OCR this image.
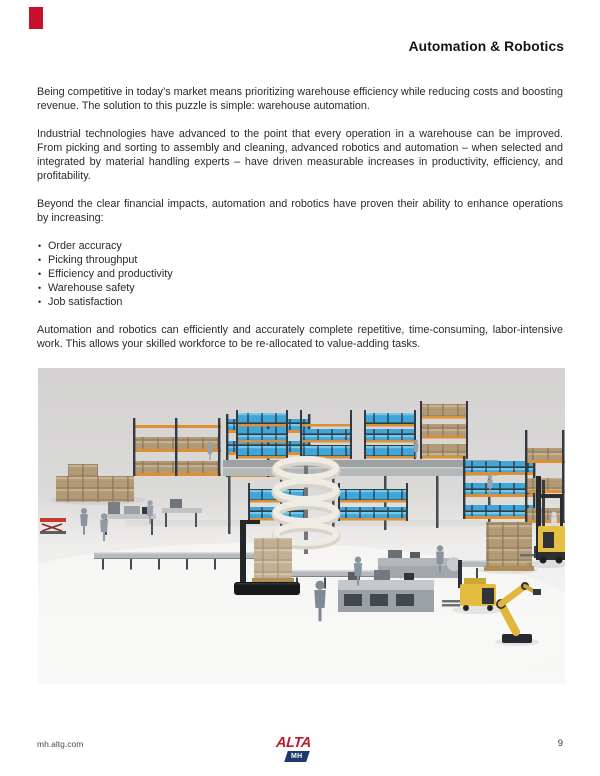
Automation & Robotics

Being competitive in today’s market means prioritizing warehouse efficiency while reducing costs and boosting revenue. The solution to this puzzle is simple: warehouse automation.

Industrial technologies have advanced to the point that every operation in a warehouse can be improved. From picking and sorting to assembly and cleaning, advanced robotics and automation – when selected and integrated by material handling experts – have driven measurable increases in productivity, efficiency, and profitability.

Beyond the clear financial impacts, automation and robotics have proven their ability to enhance operations by increasing:

• Order accuracy
• Picking throughput
• Efficiency and productivity
• Warehouse safety
• Job satisfaction

Automation and robotics can efficiently and accurately complete repetitive, time-consuming, labor-intensive work. This allows your skilled workforce to be re-allocated to value-adding tasks.

mh.altg.com	ALTA
MH
9
